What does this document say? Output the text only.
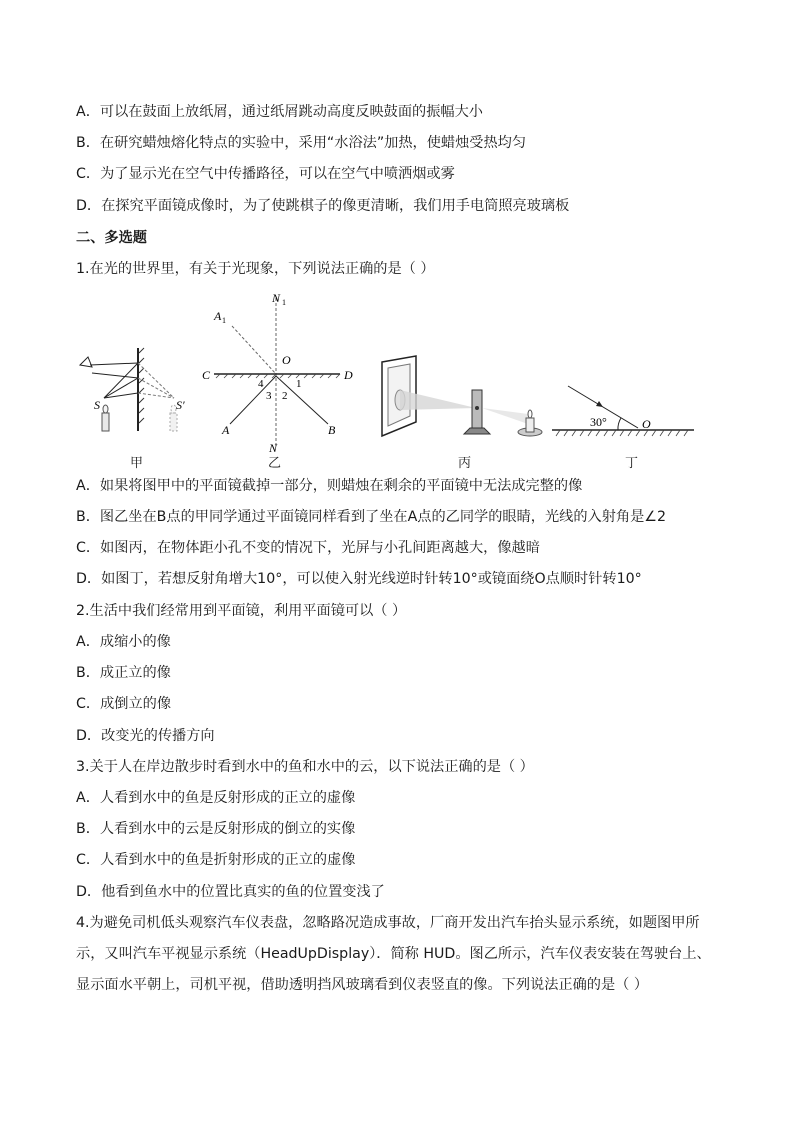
A．可以在鼓面上放纸屑，通过纸屑跳动高度反映鼓面的振幅大小
B．在研究蜡烛熔化特点的实验中，采用“水浴法”加热，使蜡烛受热均匀
C．为了显示光在空气中传播路径，可以在空气中喷洒烟或雾
D．在探究平面镜成像时，为了使跳棋子的像更清晰，我们用手电筒照亮玻璃板
二、多选题
1.在光的世界里，有关于光现象，下列说法正确的是（ ）
S	S′
甲
N 1
A 1
O
C	D
4	1
3 2
A	B
N
乙	丙
30°	O
丁
A．如果将图甲中的平面镜截掉一部分，则蜡烛在剩余的平面镜中无法成完整的像
B．图乙坐在B点的甲同学通过平面镜同样看到了坐在A点的乙同学的眼睛，光线的入射角是∠2
C．如图丙，在物体距小孔不变的情况下，光屏与小孔间距离越大，像越暗
D．如图丁，若想反射角增大10°，可以使入射光线逆时针转10°或镜面绕O点顺时针转10°
2.生活中我们经常用到平面镜，利用平面镜可以（ ）
A．成缩小的像
B．成正立的像
C．成倒立的像
D．改变光的传播方向
3.关于人在岸边散步时看到水中的鱼和水中的云，以下说法正确的是（ ）
A．人看到水中的鱼是反射形成的正立的虚像
B．人看到水中的云是反射形成的倒立的实像
C．人看到水中的鱼是折射形成的正立的虚像
D．他看到鱼水中的位置比真实的鱼的位置变浅了
4.为避免司机低头观察汽车仪表盘，忽略路况造成事故，厂商开发出汽车抬头显示系统，如题图甲所
示，又叫汽车平视显示系统（HeadUpDisplay）．简称 HUD。图乙所示，汽车仪表安装在驾驶台上、
显示面水平朝上，司机平视，借助透明挡风玻璃看到仪表竖直的像。下列说法正确的是（ ）
